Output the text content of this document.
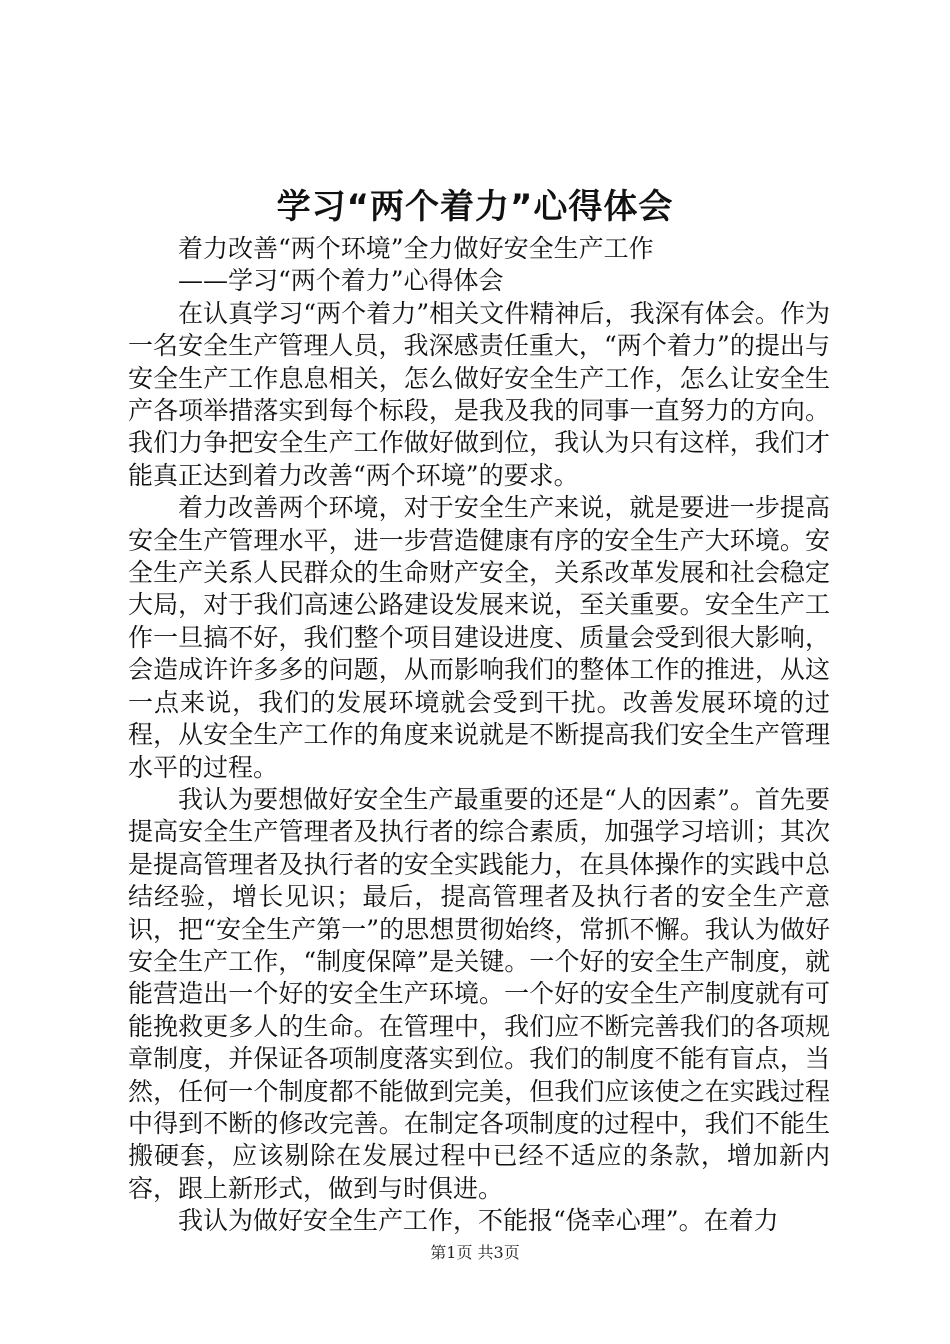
学习“两个着力”心得体会

着力改善“两个环境”全力做好安全生产工作

——学习“两个着力”心得体会

在认真学习“两个着力”相关文件精神后，我深有体会。作为一名安全生产管理人员，我深感责任重大，“两个着力”的提出与安全生产工作息息相关，怎么做好安全生产工作，怎么让安全生产各项举措落实到每个标段，是我及我的同事一直努力的方向。我们力争把安全生产工作做好做到位，我认为只有这样，我们才能真正达到着力改善“两个环境”的要求。

着力改善两个环境，对于安全生产来说，就是要进一步提高安全生产管理水平，进一步营造健康有序的安全生产大环境。安全生产关系人民群众的生命财产安全，关系改革发展和社会稳定大局，对于我们高速公路建设发展来说，至关重要。安全生产工作一旦搞不好，我们整个项目建设进度、质量会受到很大影响，会造成许许多多的问题，从而影响我们的整体工作的推进，从这一点来说，我们的发展环境就会受到干扰。改善发展环境的过程，从安全生产工作的角度来说就是不断提高我们安全生产管理水平的过程。

我认为要想做好安全生产最重要的还是“人的因素”。首先要提高安全生产管理者及执行者的综合素质，加强学习培训；其次是提高管理者及执行者的安全实践能力，在具体操作的实践中总结经验，增长见识；最后，提高管理者及执行者的安全生产意识，把“安全生产第一”的思想贯彻始终，常抓不懈。我认为做好安全生产工作，“制度保障”是关键。一个好的安全生产制度，就能营造出一个好的安全生产环境。一个好的安全生产制度就有可能挽救更多人的生命。在管理中，我们应不断完善我们的各项规章制度，并保证各项制度落实到位。我们的制度不能有盲点，当然，任何一个制度都不能做到完美，但我们应该使之在实践过程中得到不断的修改完善。在制定各项制度的过程中，我们不能生搬硬套，应该剔除在发展过程中已经不适应的条款，增加新内容，跟上新形式，做到与时俱进。

我认为做好安全生产工作，不能报“侥幸心理”。在着力

第1页 共3页
